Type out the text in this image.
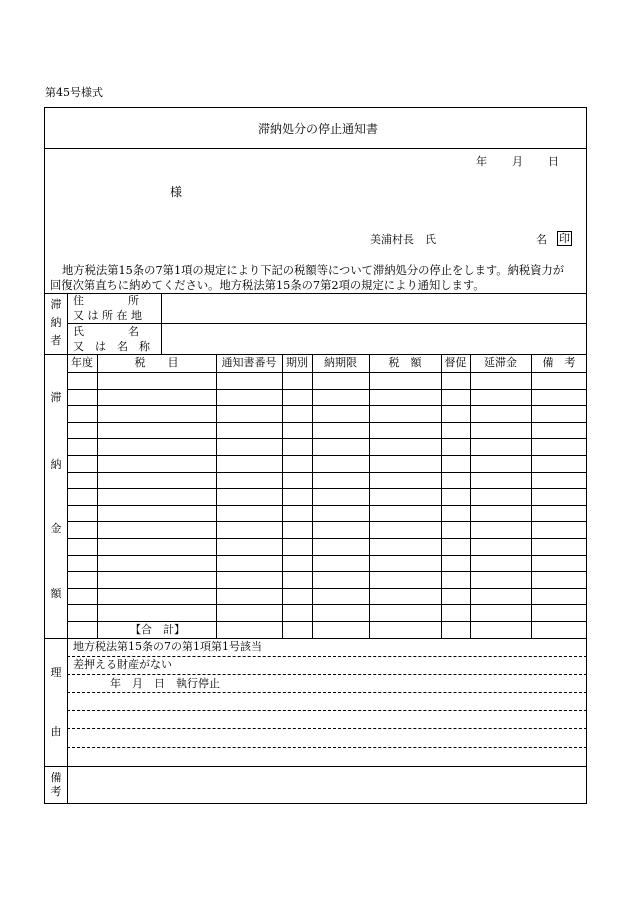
第45号様式
滞納処分の停止通知書
年 月 日
様
美浦村長　氏	名 印

地方税法第15条の7第1項の規定により下記の税額等について滞納処分の停止をします。納税資力が

回復次第直ちに納めてください。地方税法第15条の7第2項の規定により通知します。

滞
納
者
住　　　　所
又 は 所 在 地
氏　　　　名
又　は　名　称
年度	税　　目	通知書番号 期別	納期限	税　額	督促	延滞金	備　考
滞
納
金
額
【合　計】
理
由
地方税法第15条の7の第1項第1号該当
差押える財産がない
年　月　日　執行停止
備
考
